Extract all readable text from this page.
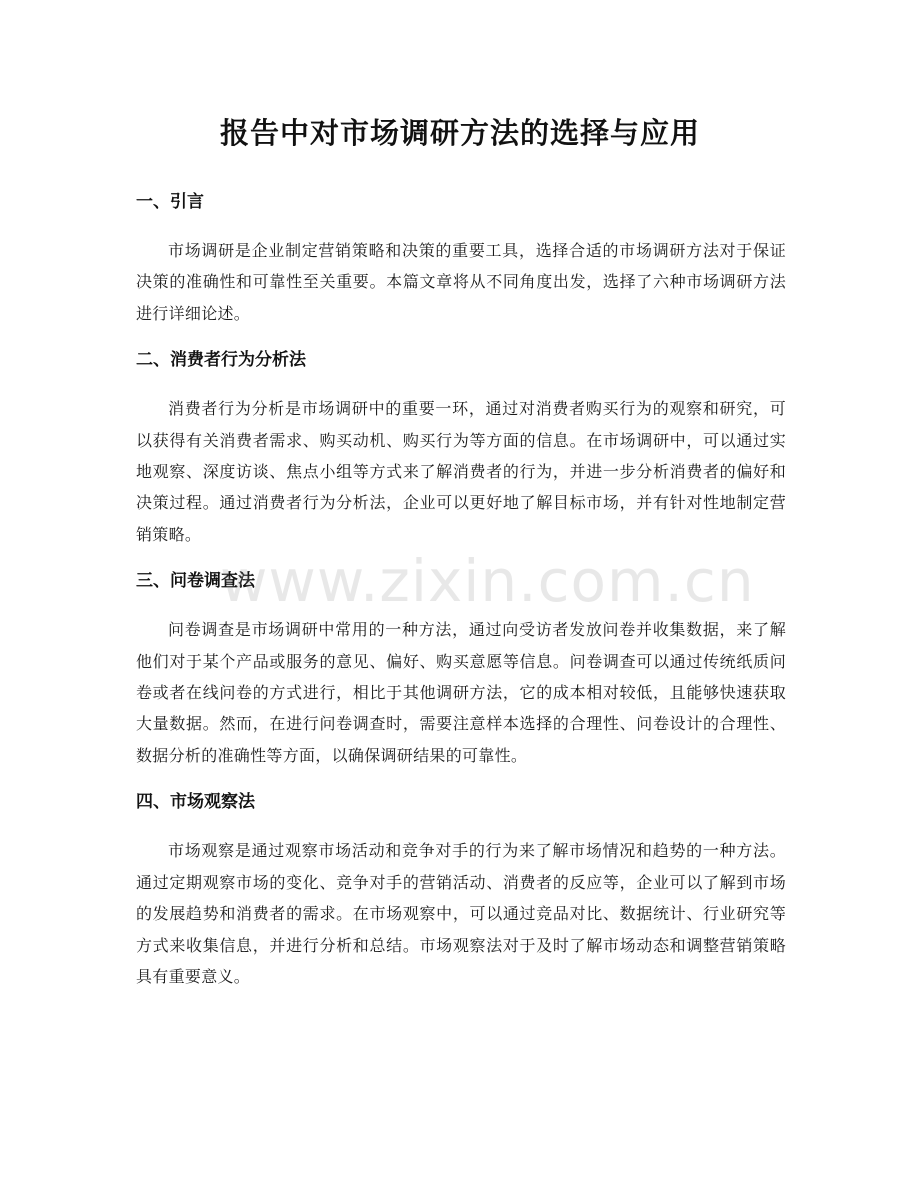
报告中对市场调研方法的选择与应用
一、引言

市场调研是企业制定营销策略和决策的重要工具，选择合适的市场调研方法对于保证决策的准确性和可靠性至关重要。本篇文章将从不同角度出发，选择了六种市场调研方法进行详细论述。

二、消费者行为分析法

消费者行为分析是市场调研中的重要一环，通过对消费者购买行为的观察和研究，可以获得有关消费者需求、购买动机、购买行为等方面的信息。在市场调研中，可以通过实地观察、深度访谈、焦点小组等方式来了解消费者的行为，并进一步分析消费者的偏好和决策过程。通过消费者行为分析法，企业可以更好地了解目标市场，并有针对性地制定营销策略。

三、问卷调查法

问卷调查是市场调研中常用的一种方法，通过向受访者发放问卷并收集数据，来了解他们对于某个产品或服务的意见、偏好、购买意愿等信息。问卷调查可以通过传统纸质问卷或者在线问卷的方式进行，相比于其他调研方法，它的成本相对较低，且能够快速获取大量数据。然而，在进行问卷调查时，需要注意样本选择的合理性、问卷设计的合理性、数据分析的准确性等方面，以确保调研结果的可靠性。

四、市场观察法

市场观察是通过观察市场活动和竞争对手的行为来了解市场情况和趋势的一种方法。通过定期观察市场的变化、竞争对手的营销活动、消费者的反应等，企业可以了解到市场的发展趋势和消费者的需求。在市场观察中，可以通过竞品对比、数据统计、行业研究等方式来收集信息，并进行分析和总结。市场观察法对于及时了解市场动态和调整营销策略具有重要意义。

www.zixin.com.cn
